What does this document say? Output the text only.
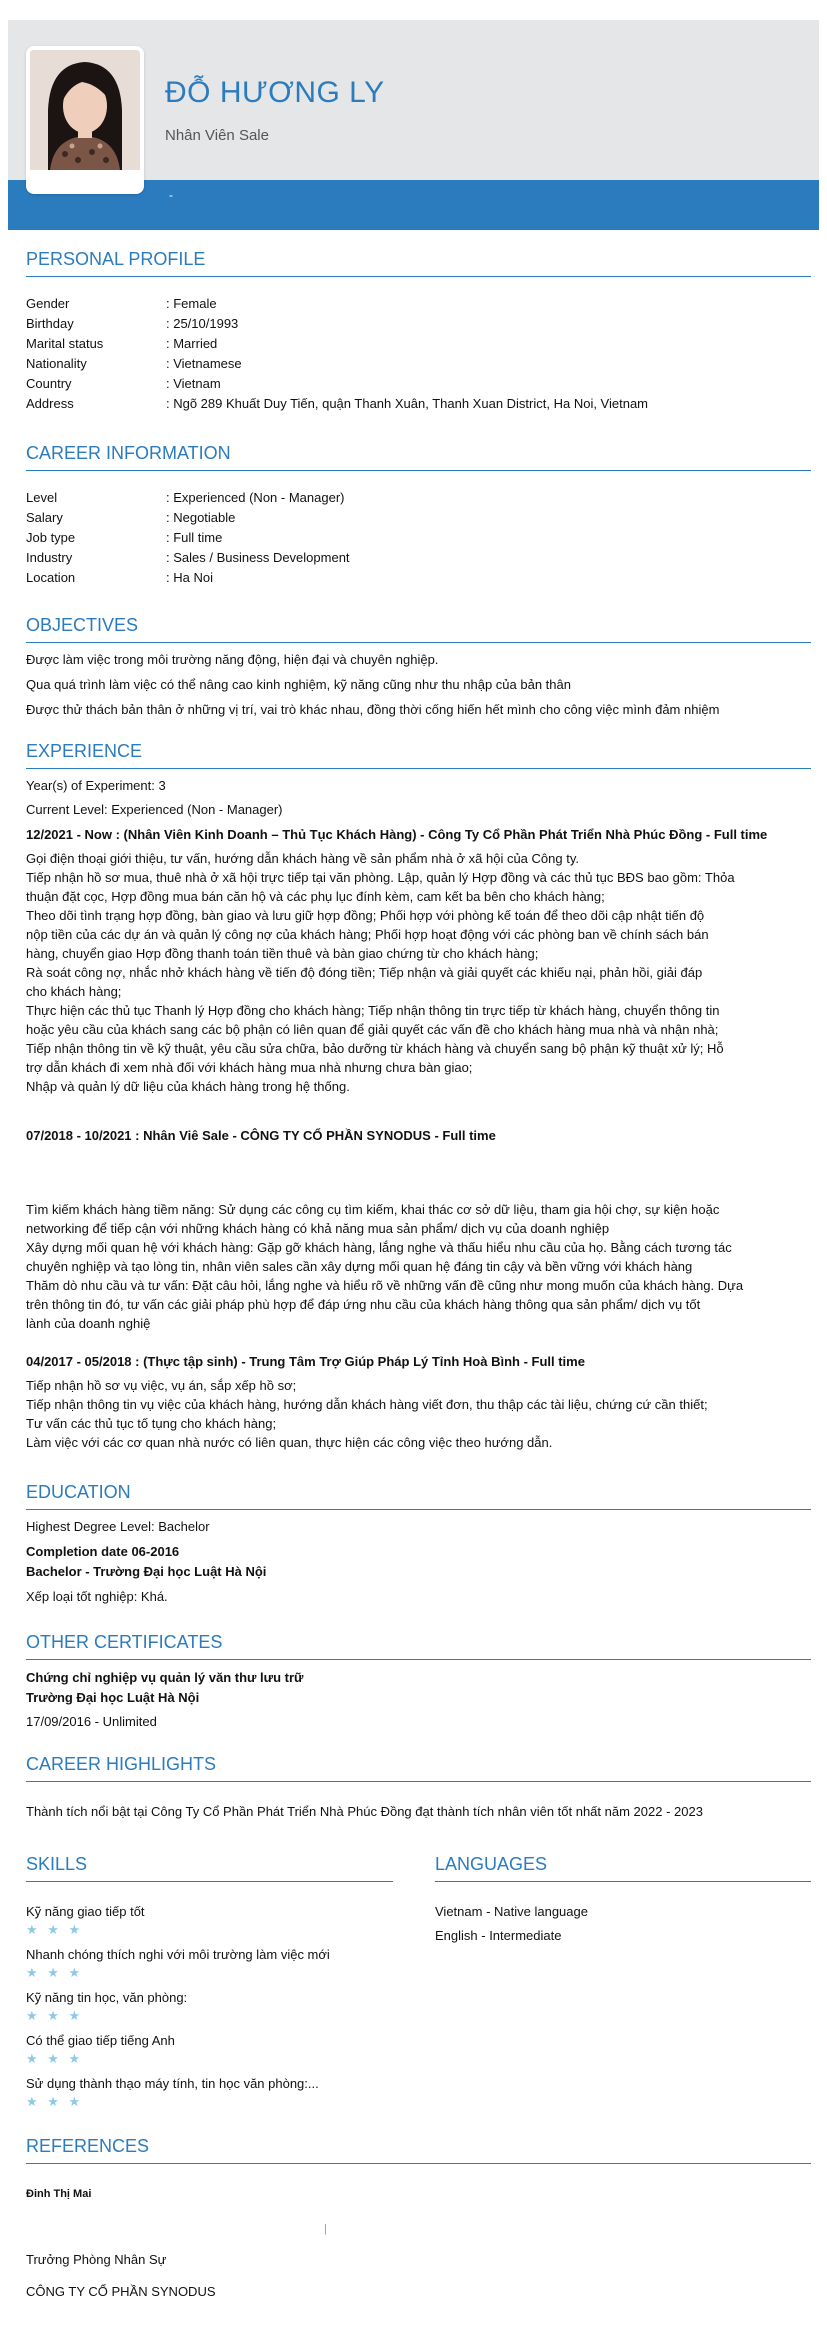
ĐỖ HƯƠNG LY
Nhân Viên Sale
-
PERSONAL PROFILE
Gender	: Female
Birthday	: 25/10/1993
Marital status	: Married
Nationality	: Vietnamese
Country	: Vietnam
Address	: Ngõ 289 Khuất Duy Tiến, quận Thanh Xuân, Thanh Xuan District, Ha Noi, Vietnam
CAREER INFORMATION
Level	: Experienced (Non - Manager)
Salary	: Negotiable
Job type	: Full time
Industry	: Sales / Business Development
Location	: Ha Noi
OBJECTIVES
Được làm việc trong môi trường năng động, hiện đại và chuyên nghiệp.
Qua quá trình làm việc có thể nâng cao kinh nghiệm, kỹ năng cũng như thu nhập của bản thân
Được thử thách bản thân ở những vị trí, vai trò khác nhau, đồng thời cống hiến hết mình cho công việc mình đảm nhiệm
EXPERIENCE
Year(s) of Experiment: 3
Current Level: Experienced (Non - Manager)
12/2021 - Now : (Nhân Viên Kinh Doanh – Thủ Tục Khách Hàng) - Công Ty Cổ Phần Phát Triển Nhà Phúc Đồng - Full time
Gọi điện thoại giới thiệu, tư vấn, hướng dẫn khách hàng về sản phẩm nhà ở xã hội của Công ty.
Tiếp nhận hồ sơ mua, thuê nhà ở xã hội trực tiếp tại văn phòng. Lập, quản lý Hợp đồng và các thủ tục BĐS bao gồm: Thỏa
thuận đặt cọc, Hợp đồng mua bán căn hộ và các phụ lục đính kèm, cam kết ba bên cho khách hàng;
Theo dõi tình trạng hợp đồng, bàn giao và lưu giữ hợp đồng; Phối hợp với phòng kế toán để theo dõi cập nhật tiến độ
nộp tiền của các dự án và quản lý công nợ của khách hàng; Phối hợp hoạt động với các phòng ban về chính sách bán
hàng, chuyển giao Hợp đồng thanh toán tiền thuê và bàn giao chứng từ cho khách hàng;
Rà soát công nợ, nhắc nhở khách hàng về tiến độ đóng tiền; Tiếp nhận và giải quyết các khiếu nại, phản hồi, giải đáp
cho khách hàng;
Thực hiện các thủ tục Thanh lý Hợp đồng cho khách hàng; Tiếp nhận thông tin trực tiếp từ khách hàng, chuyển thông tin
hoặc yêu cầu của khách sang các bộ phận có liên quan để giải quyết các vấn đề cho khách hàng mua nhà và nhận nhà;
Tiếp nhận thông tin về kỹ thuật, yêu cầu sửa chữa, bảo dưỡng từ khách hàng và chuyển sang bộ phận kỹ thuật xử lý; Hỗ
trợ dẫn khách đi xem nhà đối với khách hàng mua nhà nhưng chưa bàn giao;
Nhập và quản lý dữ liệu của khách hàng trong hệ thống.
07/2018 - 10/2021 : Nhân Viê Sale - CÔNG TY CỔ PHẦN SYNODUS - Full time
Tìm kiếm khách hàng tiềm năng: Sử dụng các công cụ tìm kiếm, khai thác cơ sở dữ liệu, tham gia hội chợ, sự kiện hoặc
networking để tiếp cận với những khách hàng có khả năng mua sản phẩm/ dịch vụ của doanh nghiệp
Xây dựng mối quan hệ với khách hàng: Gặp gỡ khách hàng, lắng nghe và thấu hiểu nhu cầu của họ. Bằng cách tương tác
chuyên nghiệp và tạo lòng tin, nhân viên sales cần xây dựng mối quan hệ đáng tin cậy và bền vững với khách hàng
Thăm dò nhu cầu và tư vấn: Đặt câu hỏi, lắng nghe và hiểu rõ về những vấn đề cũng như mong muốn của khách hàng. Dựa
trên thông tin đó, tư vấn các giải pháp phù hợp để đáp ứng nhu cầu của khách hàng thông qua sản phẩm/ dịch vụ tốt
lành của doanh nghiệ
04/2017 - 05/2018 : (Thực tập sinh) - Trung Tâm Trợ Giúp Pháp Lý Tỉnh Hoà Bình - Full time
Tiếp nhận hồ sơ vụ việc, vụ án, sắp xếp hồ sơ;
Tiếp nhận thông tin vụ việc của khách hàng, hướng dẫn khách hàng viết đơn, thu thập các tài liệu, chứng cứ cần thiết;
Tư vấn các thủ tục tố tụng cho khách hàng;
Làm việc với các cơ quan nhà nước có liên quan, thực hiện các công việc theo hướng dẫn.
EDUCATION
Highest Degree Level: Bachelor
Completion date 06-2016
Bachelor - Trường Đại học Luật Hà Nội
Xếp loại tốt nghiệp: Khá.
OTHER CERTIFICATES
Chứng chỉ nghiệp vụ quản lý văn thư lưu trữ
Trường Đại học Luật Hà Nội
17/09/2016 - Unlimited
CAREER HIGHLIGHTS
Thành tích nổi bật tại Công Ty Cổ Phần Phát Triển Nhà Phúc Đồng đạt thành tích nhân viên tốt nhất năm 2022 - 2023
SKILLS
Kỹ năng giao tiếp tốt
★ ★ ★
Nhanh chóng thích nghi với môi trường làm việc mới
★ ★ ★
Kỹ năng tin học, văn phòng:
★ ★ ★
Có thể giao tiếp tiếng Anh
★ ★ ★
Sử dụng thành thạo máy tính, tin học văn phòng:...
★ ★ ★
LANGUAGES
Vietnam - Native language
English - Intermediate
REFERENCES
Đinh Thị Mai
|
Trưởng Phòng Nhân Sự
CÔNG TY CỔ PHẦN SYNODUS
